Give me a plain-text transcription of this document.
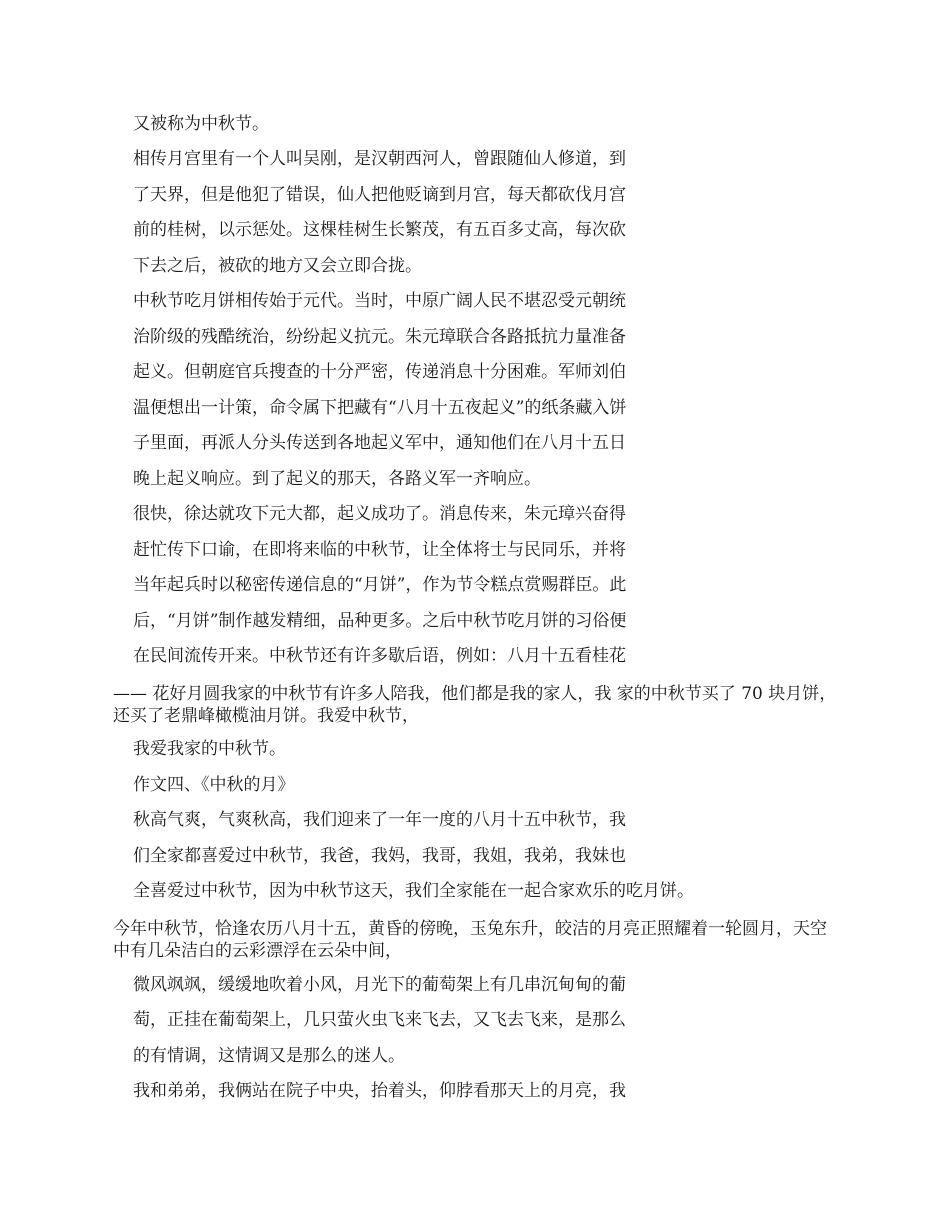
又被称为中秋节。
相传月宫里有一个人叫吴刚，是汉朝西河人，曾跟随仙人修道，到
了天界，但是他犯了错误，仙人把他贬谪到月宫，每天都砍伐月宫
前的桂树，以示惩处。这棵桂树生长繁茂，有五百多丈高，每次砍
下去之后，被砍的地方又会立即合拢。
中秋节吃月饼相传始于元代。当时，中原广阔人民不堪忍受元朝统
治阶级的残酷统治，纷纷起义抗元。朱元璋联合各路抵抗力量准备
起义。但朝庭官兵搜查的十分严密，传递消息十分困难。军师刘伯
温便想出一计策，命令属下把藏有“八月十五夜起义”的纸条藏入饼
子里面，再派人分头传送到各地起义军中，通知他们在八月十五日
晚上起义响应。到了起义的那天，各路义军一齐响应。
很快，徐达就攻下元大都，起义成功了。消息传来，朱元璋兴奋得
赶忙传下口谕，在即将来临的中秋节，让全体将士与民同乐，并将
当年起兵时以秘密传递信息的“月饼”，作为节令糕点赏赐群臣。此
后，“月饼”制作越发精细，品种更多。之后中秋节吃月饼的习俗便
在民间流传开来。中秋节还有许多歇后语，例如：八月十五看桂花
—— 花好月圆我家的中秋节有许多人陪我，他们都是我的家人，我 家的中秋节买了 70 块月饼，还买了老鼎峰橄榄油月饼。我爱中秋节，
我爱我家的中秋节。
作文四、《中秋的月》
秋高气爽，气爽秋高，我们迎来了一年一度的八月十五中秋节，我
们全家都喜爱过中秋节，我爸，我妈，我哥，我姐，我弟，我妹也
全喜爱过中秋节，因为中秋节这天，我们全家能在一起合家欢乐的吃月饼。
今年中秋节，恰逢农历八月十五，黄昏的傍晚，玉兔东升，皎洁的月亮正照耀着一轮圆月，天空中有几朵洁白的云彩漂浮在云朵中间，
微风飒飒，缓缓地吹着小风，月光下的葡萄架上有几串沉甸甸的葡
萄，正挂在葡萄架上，几只萤火虫飞来飞去，又飞去飞来，是那么
的有情调，这情调又是那么的迷人。
我和弟弟，我俩站在院子中央，抬着头，仰脖看那天上的月亮，我
